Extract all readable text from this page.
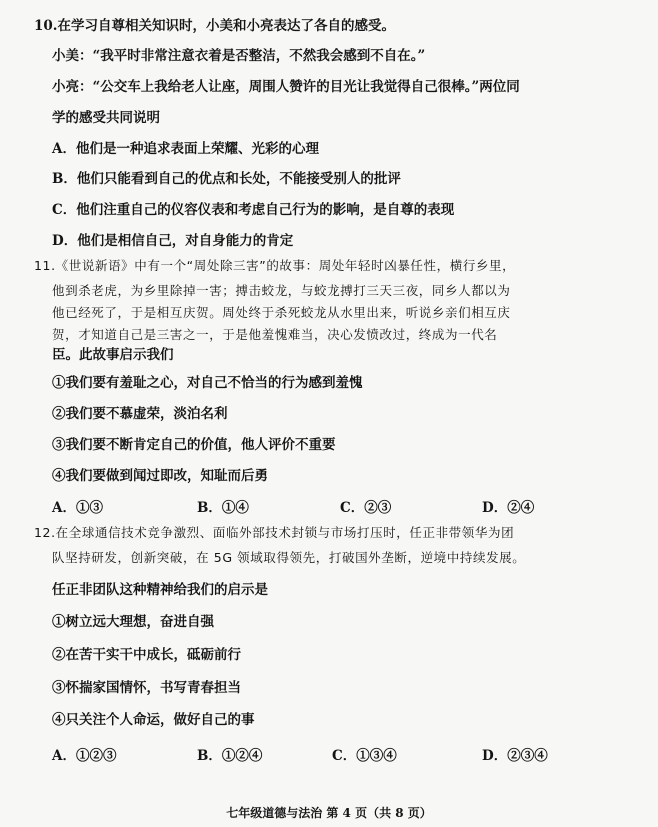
10.在学习自尊相关知识时，小美和小亮表达了各自的感受。
小美：“我平时非常注意衣着是否整洁，不然我会感到不自在。”
小亮：“公交车上我给老人让座，周围人赞许的目光让我觉得自己很棒。”两位同
学的感受共同说明
A．他们是一种追求表面上荣耀、光彩的心理
B．他们只能看到自己的优点和长处，不能接受别人的批评
C．他们注重自己的仪容仪表和考虑自己行为的影响，是自尊的表现
D．他们是相信自己，对自身能力的肯定
11.《世说新语》中有一个“周处除三害”的故事：周处年轻时凶暴任性，横行乡里，
他到杀老虎，为乡里除掉一害；搏击蛟龙，与蛟龙搏打三天三夜，同乡人都以为
他已经死了，于是相互庆贺。周处终于杀死蛟龙从水里出来，听说乡亲们相互庆
贺，才知道自己是三害之一，于是他羞愧难当，决心发愤改过，终成为一代名
臣。此故事启示我们
①我们要有羞耻之心，对自己不恰当的行为感到羞愧
②我们要不慕虚荣，淡泊名利
③我们要不断肯定自己的价值，他人评价不重要
④我们要做到闻过即改，知耻而后勇
A．①③	B．①④	C．②③	D．②④
12.在全球通信技术竞争激烈、面临外部技术封锁与市场打压时，任正非带领华为团
队坚持研发，创新突破，在 5G 领域取得领先，打破国外垄断，逆境中持续发展。
任正非团队这种精神给我们的启示是
①树立远大理想，奋进自强
②在苦干实干中成长，砥砺前行
③怀揣家国情怀，书写青春担当
④只关注个人命运，做好自己的事
A．①②③	B．①②④	C．①③④	D．②③④
七年级道德与法治 第 4 页（共 8 页）
